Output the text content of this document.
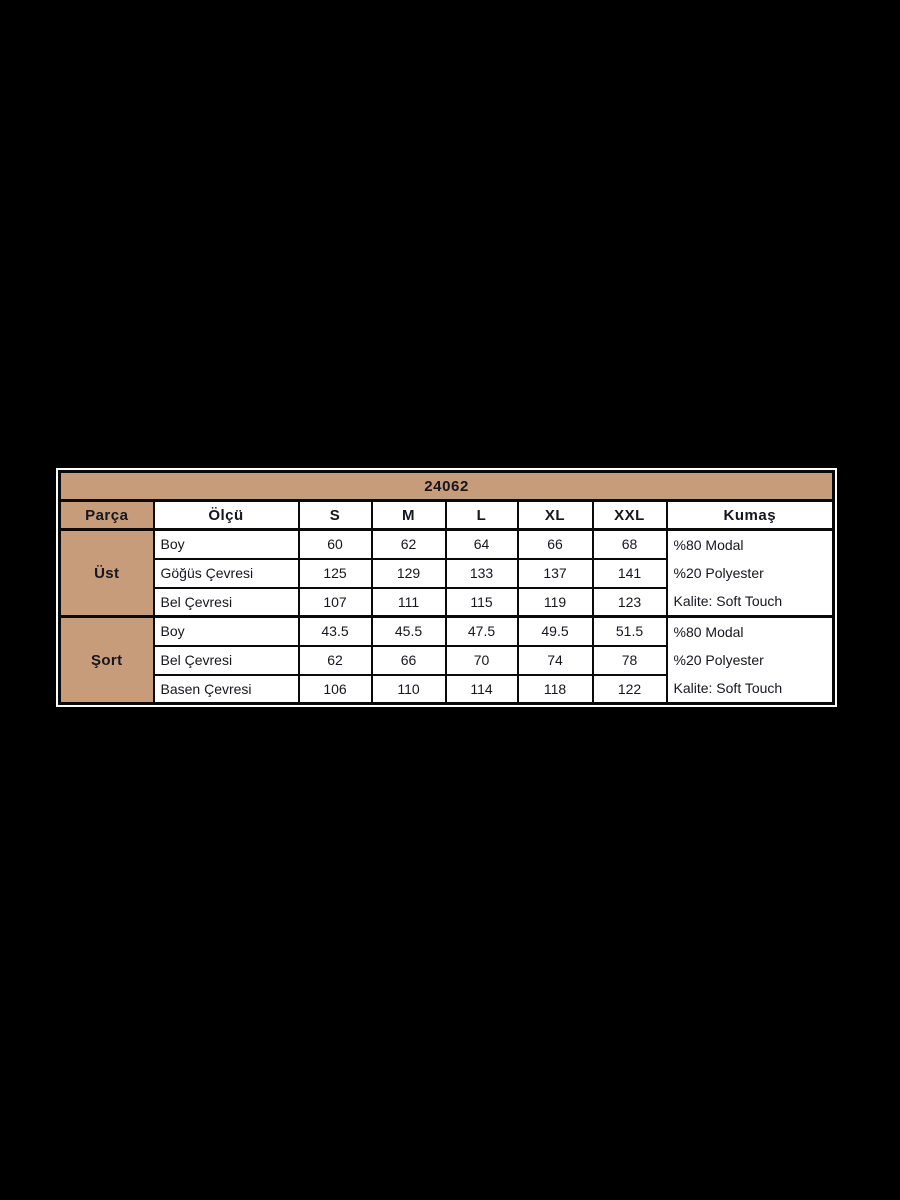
24062							
Parça	Ölçü	S	M	L	XL	XXL	Kumaş
Üst	Boy	60	62	64	66	68	%80 Modal
	Göğüs Çevresi	125	129	133	137	141	%20 Polyester
	Bel Çevresi	107	111	115	119	123	Kalite: Soft Touch
Şort	Boy	43.5	45.5	47.5	49.5	51.5	%80 Modal
	Bel Çevresi	62	66	70	74	78	%20 Polyester
	Basen Çevresi	106	110	114	118	122	Kalite: Soft Touch
